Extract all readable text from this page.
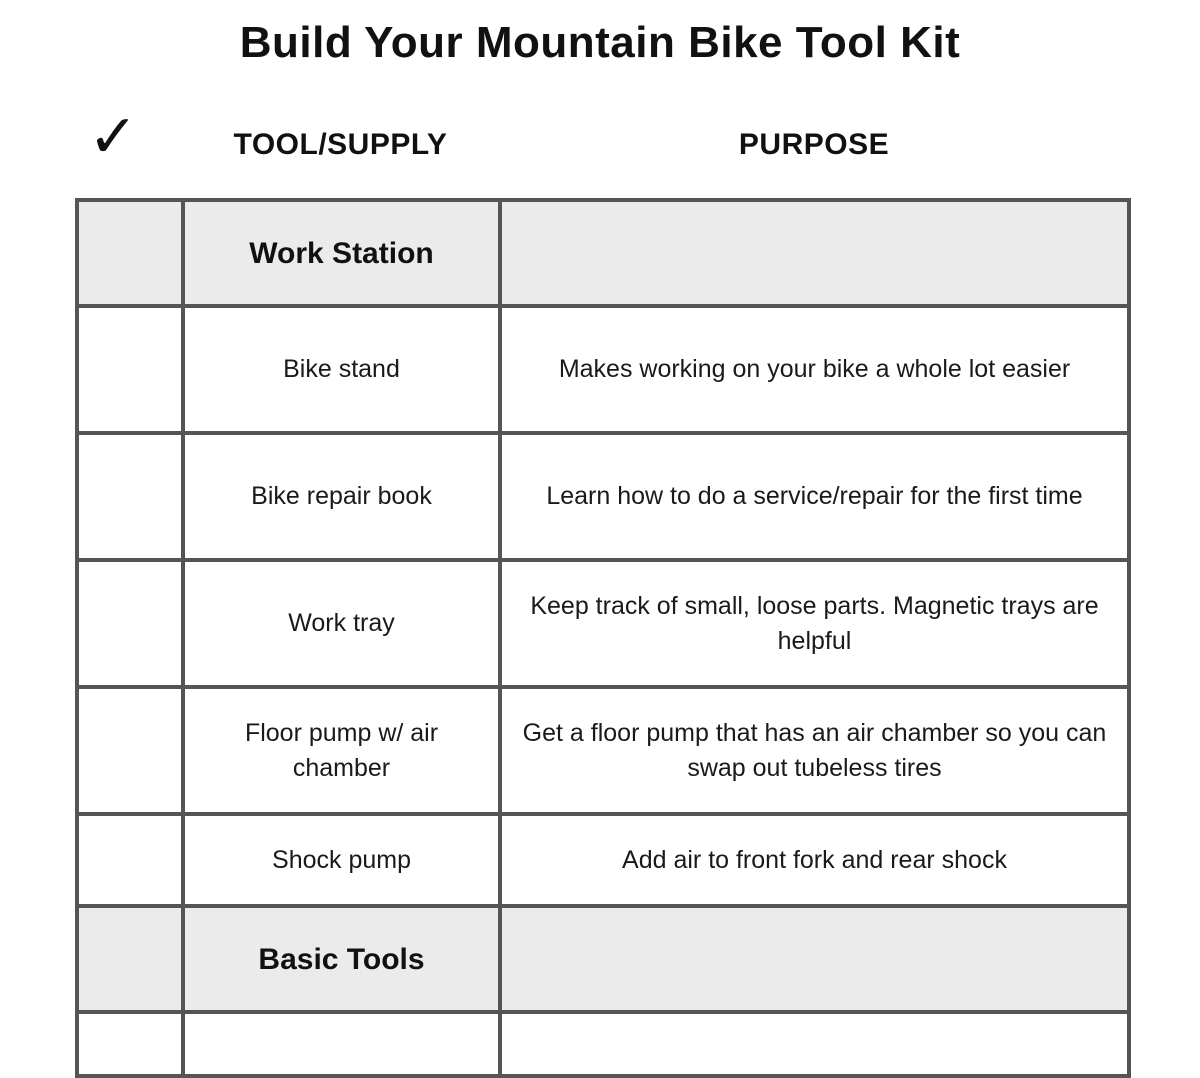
Build Your Mountain Bike Tool Kit
✓	TOOL/SUPPLY	PURPOSE
	Work Station	
	Bike stand	Makes working on your bike a whole lot easier
	Bike repair book	Learn how to do a service/repair for the first time
	Work tray	Keep track of small, loose parts. Magnetic trays are helpful
	Floor pump w/ air chamber	Get a floor pump that has an air chamber so you can swap out tubeless tires
	Shock pump	Add air to front fork and rear shock
	Basic Tools	
